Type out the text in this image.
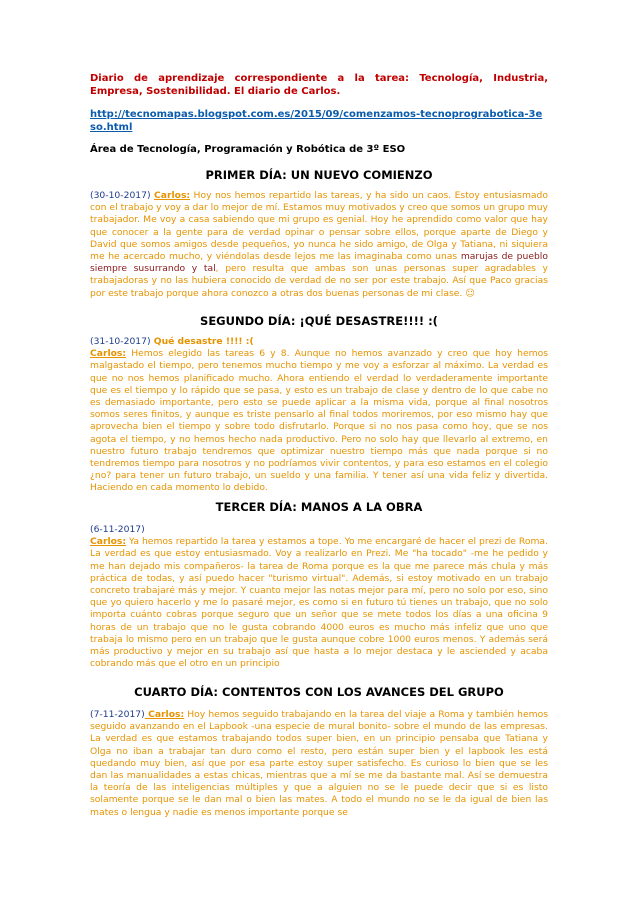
Diario de aprendizaje correspondiente a la tarea: Tecnología, Industria, Empresa, Sostenibilidad. El diario de Carlos.

http://tecnomapas.blogspot.com.es/2015/09/comenzamos-tecnoprograbotica-3eso.html

Área de Tecnología, Programación y Robótica de 3º ESO

PRIMER DÍA: UN NUEVO COMIENZO

(30-10-2017) Carlos: Hoy nos hemos repartido las tareas, y ha sido un caos. Estoy entusiasmado con el trabajo y voy a dar lo mejor de mí. Estamos muy motivados y creo que somos un grupo muy trabajador. Me voy a casa sabiendo que mi grupo es genial. Hoy he aprendido como valor que hay que conocer a la gente para de verdad opinar o pensar sobre ellos, porque aparte de Diego y David que somos amigos desde pequeños, yo nunca he sido amigo, de Olga y Tatiana, ni siquiera me he acercado mucho, y viéndolas desde lejos me las imaginaba como unas marujas de pueblo siempre susurrando y tal, pero resulta que ambas son unas personas super agradables y trabajadoras y no las hubiera conocido de verdad de no ser por este trabajo. Así que Paco gracias por este trabajo porque ahora conozco a otras dos buenas personas de mi clase. ☺

SEGUNDO DÍA: ¡QUÉ DESASTRE!!!! :(

(31-10-2017) Qué desastre !!!! :(

Carlos: Hemos elegido las tareas 6 y 8. Aunque no hemos avanzado y creo que hoy hemos malgastado el tiempo, pero tenemos mucho tiempo y me voy a esforzar al máximo. La verdad es que no nos hemos planificado mucho. Ahora entiendo el verdad lo verdaderamente importante que es el tiempo y lo rápido que se pasa, y esto es un trabajo de clase y dentro de lo que cabe no es demasiado importante, pero esto se puede aplicar a la misma vida, porque al final nosotros somos seres finitos, y aunque es triste pensarlo al final todos moriremos, por eso mismo hay que aprovecha bien el tiempo y sobre todo disfrutarlo. Porque si no nos pasa como hoy, que se nos agota el tiempo, y no hemos hecho nada productivo. Pero no solo hay que llevarlo al extremo, en nuestro futuro trabajo tendremos que optimizar nuestro tiempo más que nada porque si no tendremos tiempo para nosotros y no podríamos vivir contentos, y para eso estamos en el colegio ¿no? para tener un futuro trabajo, un sueldo y una familia. Y tener así una vida feliz y divertida. Haciendo en cada momento lo debido.

TERCER DÍA: MANOS A LA OBRA

(6-11-2017)

Carlos: Ya hemos repartido la tarea y estamos a tope. Yo me encargaré de hacer el prezi de Roma. La verdad es que estoy entusiasmado. Voy a realizarlo en Prezi. Me "ha tocado" -me he pedido y me han dejado mis compañeros- la tarea de Roma porque es la que me parece más chula y más práctica de todas, y así puedo hacer "turismo virtual". Además, si estoy motivado en un trabajo concreto trabajaré más y mejor. Y cuanto mejor las notas mejor para mí, pero no solo por eso, sino que yo quiero hacerlo y me lo pasaré mejor, es como si en futuro tú tienes un trabajo, que no solo importa cuánto cobras porque seguro que un señor que se mete todos los días a una oficina 9 horas de un trabajo que no le gusta cobrando 4000 euros es mucho más infeliz que uno que trabaja lo mismo pero en un trabajo que le gusta aunque cobre 1000 euros menos. Y además será más productivo y mejor en su trabajo así que hasta a lo mejor destaca y le asciended y acaba cobrando más que el otro en un principio

CUARTO DÍA: CONTENTOS CON LOS AVANCES DEL GRUPO

(7-11-2017) Carlos: Hoy hemos seguido trabajando en la tarea del viaje a Roma y también hemos seguido avanzando en el Lapbook -una especie de mural bonito- sobre el mundo de las empresas. La verdad es que estamos trabajando todos super bien, en un principio pensaba que Tatiana y Olga no iban a trabajar tan duro como el resto, pero están super bien y el lapbook les está quedando muy bien, así que por esa parte estoy super satisfecho. Es curioso lo bien que se les dan las manualidades a estas chicas, mientras que a mí se me da bastante mal. Así se demuestra la teoría de las inteligencias múltiples y que a alguien no se le puede decir que si es listo solamente porque se le dan mal o bien las mates. A todo el mundo no se le da igual de bien las mates o lengua y nadie es menos importante porque se
